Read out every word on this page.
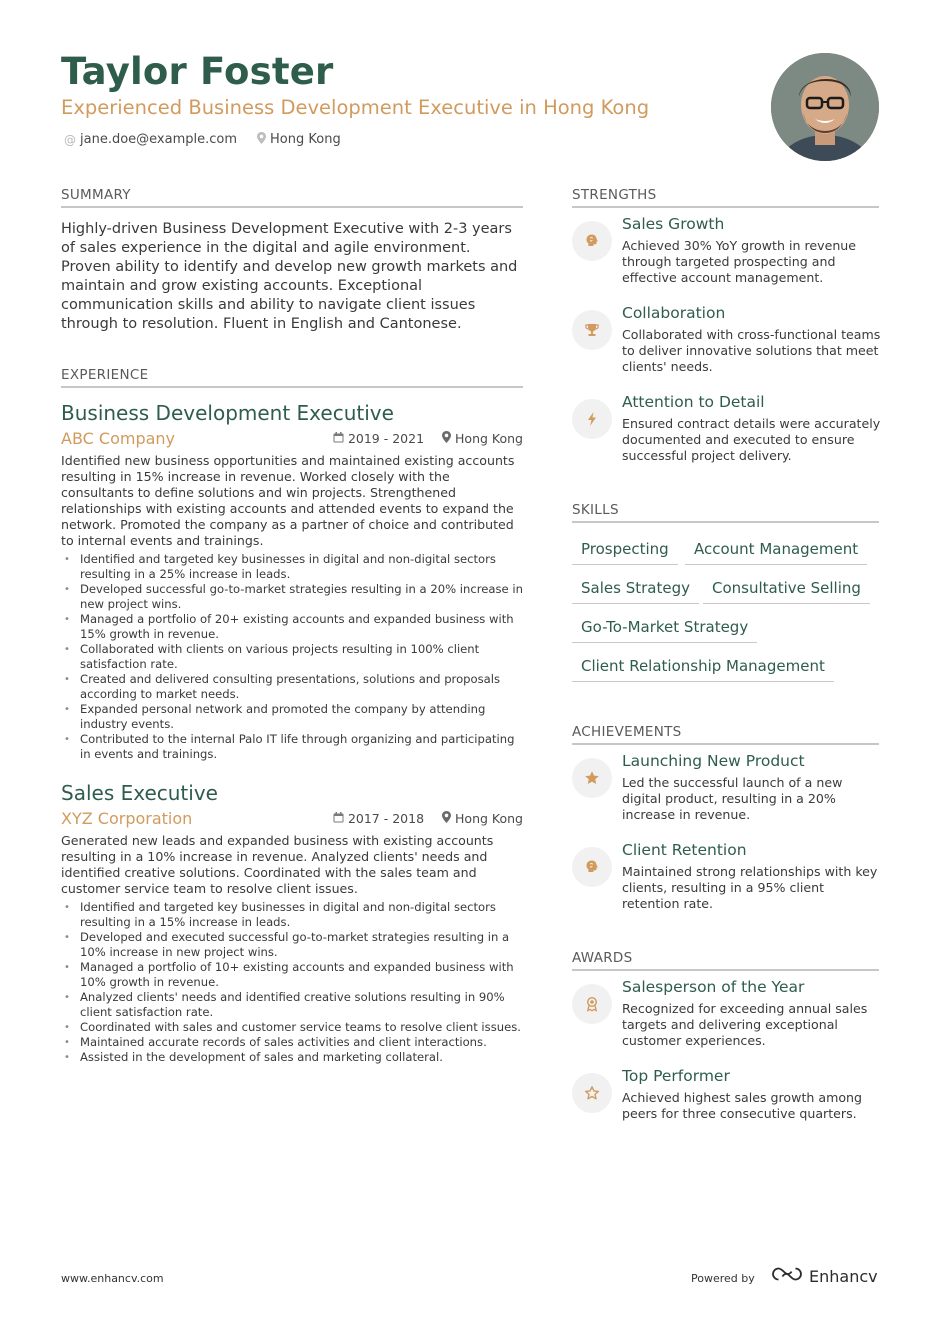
Taylor Foster
Experienced Business Development Executive in Hong Kong
@ jane.doe@example.com	Hong Kong
SUMMARY
Highly-driven Business Development Executive with 2-3 years of sales experience in the digital and agile environment. Proven ability to identify and develop new growth markets and maintain and grow existing accounts. Exceptional communication skills and ability to navigate client issues through to resolution. Fluent in English and Cantonese.
EXPERIENCE
Business Development Executive
ABC Company	2019 - 2021 Hong Kong
Identified new business opportunities and maintained existing accounts resulting in 15% increase in revenue. Worked closely with the consultants to define solutions and win projects. Strengthened relationships with existing accounts and attended events to expand the network. Promoted the company as a partner of choice and contributed to internal events and trainings.
• Identified and targeted key businesses in digital and non-digital sectors resulting in a 25% increase in leads.
• Developed successful go-to-market strategies resulting in a 20% increase in new project wins.
• Managed a portfolio of 20+ existing accounts and expanded business with 15% growth in revenue.
• Collaborated with clients on various projects resulting in 100% client satisfaction rate.
• Created and delivered consulting presentations, solutions and proposals according to market needs.
• Expanded personal network and promoted the company by attending industry events.
• Contributed to the internal Palo IT life through organizing and participating in events and trainings.
Sales Executive
XYZ Corporation	2017 - 2018 Hong Kong
Generated new leads and expanded business with existing accounts resulting in a 10% increase in revenue. Analyzed clients' needs and identified creative solutions. Coordinated with the sales team and customer service team to resolve client issues.
• Identified and targeted key businesses in digital and non-digital sectors resulting in a 15% increase in leads.
• Developed and executed successful go-to-market strategies resulting in a 10% increase in new project wins.
• Managed a portfolio of 10+ existing accounts and expanded business with 10% growth in revenue.
• Analyzed clients' needs and identified creative solutions resulting in 90% client satisfaction rate.
• Coordinated with sales and customer service teams to resolve client issues.
• Maintained accurate records of sales activities and client interactions.
• Assisted in the development of sales and marketing collateral.
STRENGTHS
Sales Growth
Achieved 30% YoY growth in revenue through targeted prospecting and effective account management.
Collaboration
Collaborated with cross-functional teams to deliver innovative solutions that meet clients' needs.
Attention to Detail
Ensured contract details were accurately documented and executed to ensure successful project delivery.
SKILLS
Prospecting	Account Management
Sales Strategy	Consultative Selling
Go-To-Market Strategy
Client Relationship Management
ACHIEVEMENTS
Launching New Product
Led the successful launch of a new digital product, resulting in a 20% increase in revenue.
Client Retention
Maintained strong relationships with key clients, resulting in a 95% client retention rate.
AWARDS
Salesperson of the Year
Recognized for exceeding annual sales targets and delivering exceptional customer experiences.
Top Performer
Achieved highest sales growth among peers for three consecutive quarters.
www.enhancv.com	Powered by	Enhancv
